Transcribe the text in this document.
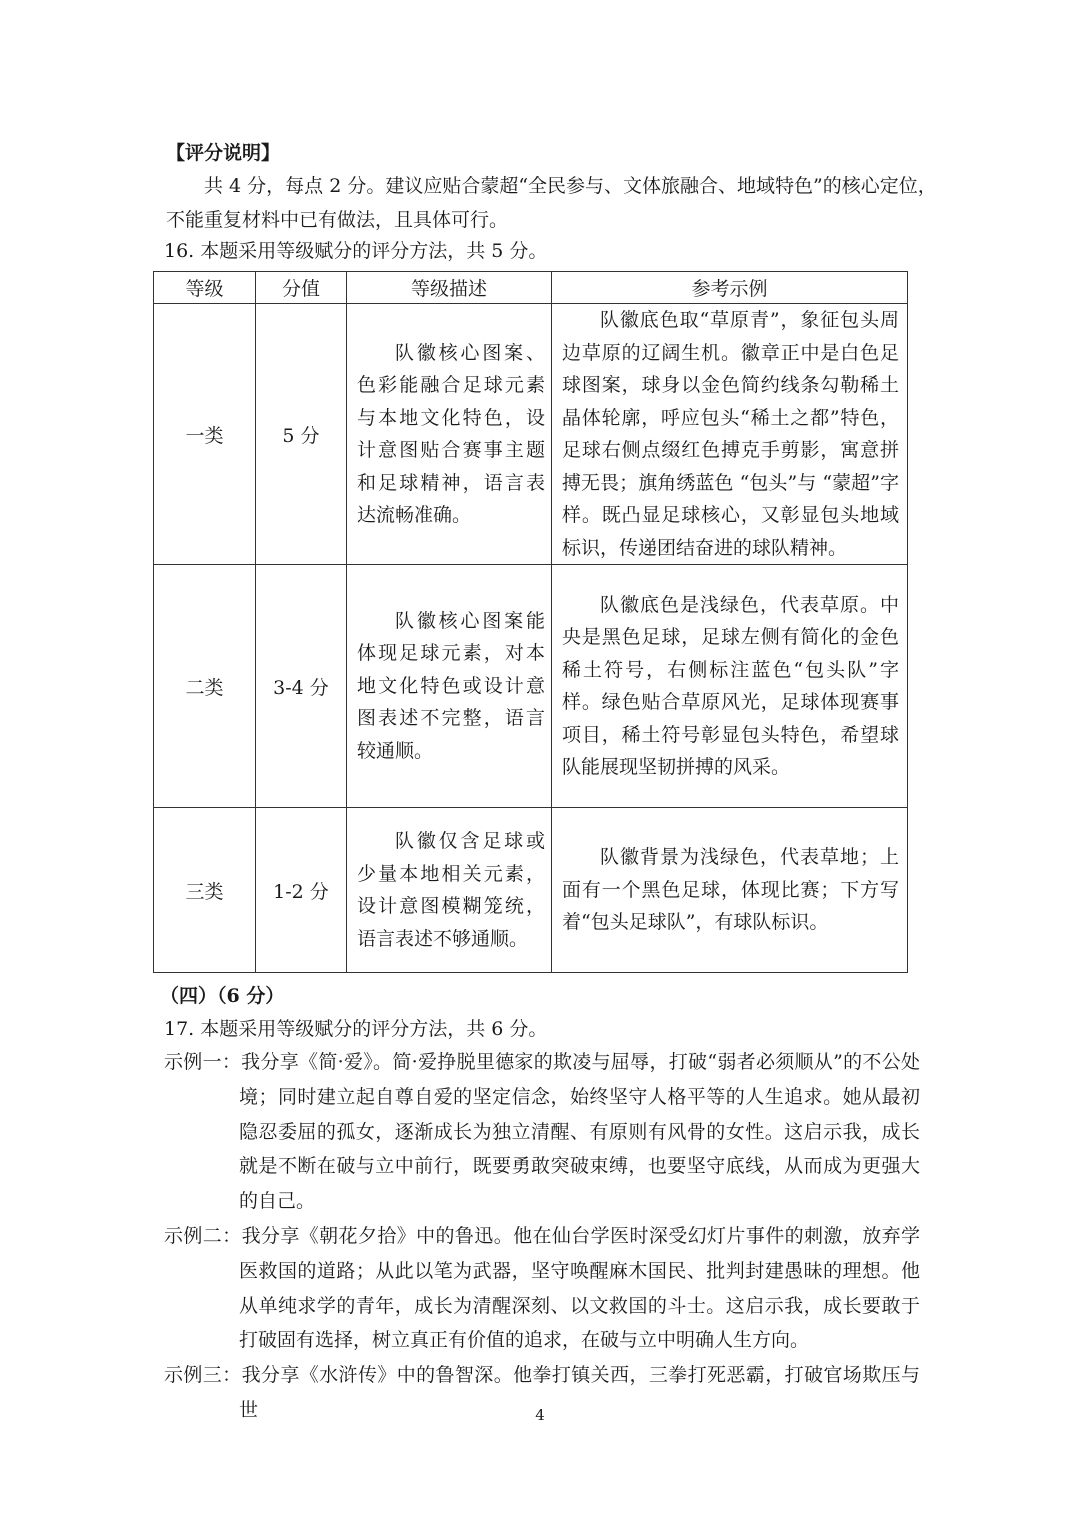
【评分说明】
共 4 分，每点 2 分。建议应贴合蒙超“全民参与、文体旅融合、地域特色”的核心定位，
不能重复材料中已有做法，且具体可行。
16. 本题采用等级赋分的评分方法，共 5 分。
等级	分值	等级描述	参考示例
一类	5 分	队徽核心图案、色彩能融合足球元素与本地文化特色，设计意图贴合赛事主题和足球精神，语言表达流畅准确。	队徽底色取“草原青”，象征包头周边草原的辽阔生机。徽章正中是白色足球图案，球身以金色简约线条勾勒稀土晶体轮廓，呼应包头“稀土之都”特色，足球右侧点缀红色搏克手剪影，寓意拼搏无畏；旗角绣蓝色 “包头”与 “蒙超”字样。既凸显足球核心，又彰显包头地域标识，传递团结奋进的球队精神。

二类	3-4 分	队徽核心图案能体现足球元素，对本地文化特色或设计意图表述不完整，语言较通顺。	队徽底色是浅绿色，代表草原。中央是黑色足球，足球左侧有简化的金色稀土符号，右侧标注蓝色“包头队”字样。绿色贴合草原风光，足球体现赛事项目，稀土符号彰显包头特色，希望球队能展现坚韧拼搏的风采。

三类	1-2 分	队徽仅含足球或少量本地相关元素，设计意图模糊笼统，语言表述不够通顺。	队徽背景为浅绿色，代表草地；上面有一个黑色足球，体现比赛；下方写着“包头足球队”，有球队标识。
（四）（6 分）
17. 本题采用等级赋分的评分方法，共 6 分。
示例一：我分享《简·爱》。简·爱挣脱里德家的欺凌与屈辱，打破“弱者必须顺从”的不公处境；同时建立起自尊自爱的坚定信念，始终坚守人格平等的人生追求。她从最初隐忍委屈的孤女，逐渐成长为独立清醒、有原则有风骨的女性。这启示我，成长就是不断在破与立中前行，既要勇敢突破束缚，也要坚守底线，从而成为更强大的自己。
示例二：我分享《朝花夕拾》中的鲁迅。他在仙台学医时深受幻灯片事件的刺激，放弃学医救国的道路；从此以笔为武器，坚守唤醒麻木国民、批判封建愚昧的理想。他从单纯求学的青年，成长为清醒深刻、以文救国的斗士。这启示我，成长要敢于打破固有选择，树立真正有价值的追求，在破与立中明确人生方向。
示例三：我分享《水浒传》中的鲁智深。他拳打镇关西，三拳打死恶霸，打破官场欺压与世	4
